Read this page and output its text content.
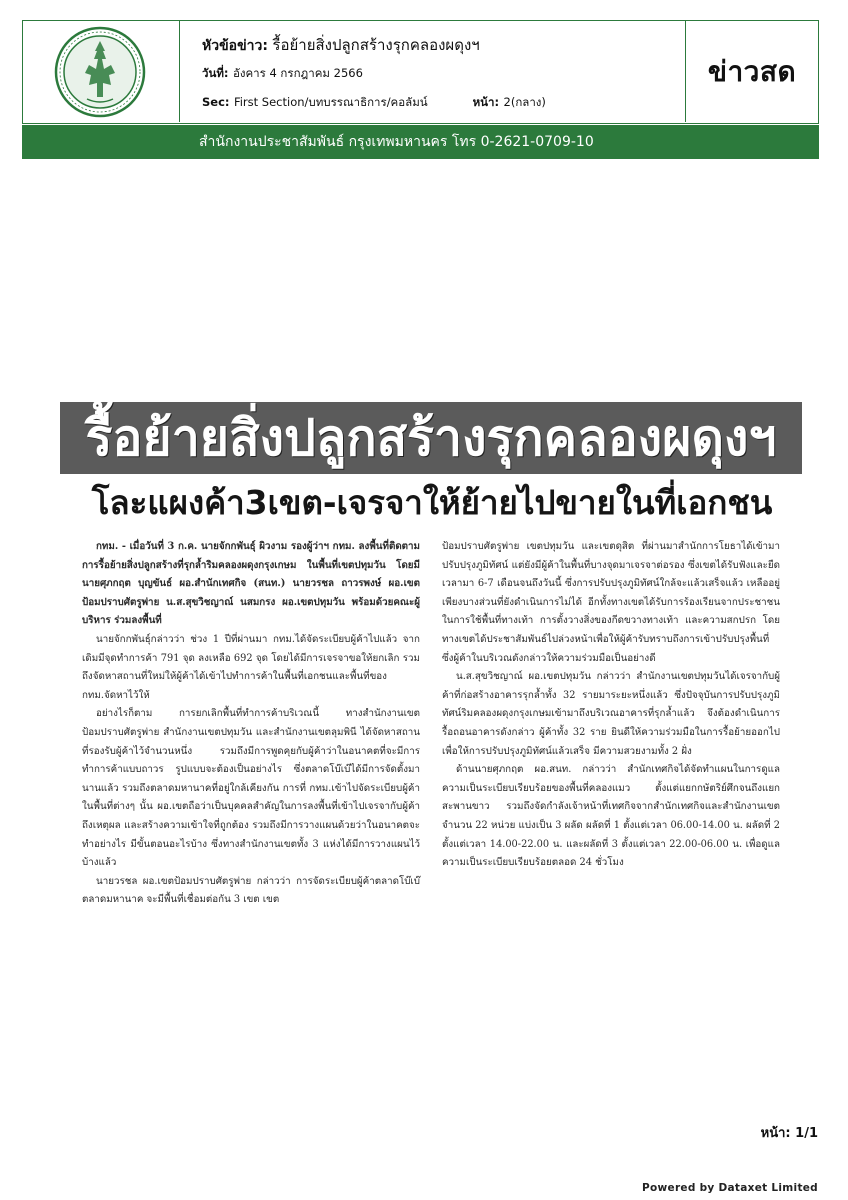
หัวข้อข่าว: รื้อย้ายสิ่งปลูกสร้างรุกคลองผดุงฯ
วันที่: อังคาร 4 กรกฎาคม 2566
Sec: First Section/บทบรรณาธิการ/คอลัมน์	หน้า: 2(กลาง)
ข่าวสด
สำนักงานประชาสัมพันธ์ กรุงเทพมหานคร โทร 0-2621-0709-10
รื้อย้ายสิ่งปลูกสร้างรุกคลองผดุงฯ
โละแผงค้า3เขต-เจรจาให้ย้ายไปขายในที่เอกชน

กทม. - เมื่อวันที่ 3 ก.ค. นายจักกพันธุ์ ผิวงาม รองผู้ว่าฯ กทม. ลงพื้นที่ติดตามการรื้อย้ายสิ่งปลูกสร้างที่รุกล้ำริมคลองผดุงกรุงเกษม ในพื้นที่เขตปทุมวัน โดยมี นายศุภกฤต บุญขันธ์ ผอ.สำนักเทศกิจ (สนท.) นายวรชล ถาวรพงษ์ ผอ.เขตป้อมปราบศัตรูพ่าย น.ส.สุขวิชญาณ์ นสมกรง ผอ.เขตปทุมวัน พร้อมด้วยคณะผู้บริหาร ร่วมลงพื้นที่

นายจักกพันธุ์กล่าวว่า ช่วง 1 ปีที่ผ่านมา กทม.ได้จัดระเบียบผู้ค้าไปแล้ว จากเดิมมีจุดทำการค้า 791 จุด ลงเหลือ 692 จุด โดยได้มีการเจรจาขอให้ยกเลิก รวมถึงจัดหาสถานที่ใหม่ให้ผู้ค้าได้เข้าไปทำการค้าในพื้นที่เอกชนและพื้นที่ของ กทม.จัดหาไว้ให้

อย่างไรก็ตาม การยกเลิกพื้นที่ทำการค้าบริเวณนี้ ทางสำนักงานเขตป้อมปราบศัตรูพ่าย สำนักงานเขตปทุมวัน และสำนักงานเขตลุมพินี ได้จัดหาสถานที่รองรับผู้ค้าไว้จำนวนหนึ่ง รวมถึงมีการพูดคุยกับผู้ค้าว่าในอนาคตที่จะมีการทำการค้าแบบถาวร รูปแบบจะต้องเป็นอย่างไร ซึ่งตลาดโบ๊เบ๊ได้มีการจัดตั้งมานานแล้ว รวมถึงตลาดมหานาคที่อยู่ใกล้เคียงกัน การที่ กทม.เข้าไปจัดระเบียบผู้ค้าในพื้นที่ต่างๆ นั้น ผอ.เขตถือว่าเป็นบุคคลสำคัญในการลงพื้นที่เข้าไปเจรจากับผู้ค้าถึงเหตุผล และสร้างความเข้าใจที่ถูกต้อง รวมถึงมีการวางแผนด้วยว่าในอนาคตจะทำอย่างไร มีขั้นตอนอะไรบ้าง ซึ่งทางสำนักงานเขตทั้ง 3 แห่งได้มีการวางแผนไว้บ้างแล้ว

นายวรชล ผอ.เขตป้อมปราบศัตรูพ่าย กล่าวว่า การจัดระเบียบผู้ค้าตลาดโบ๊เบ๊ ตลาดมหานาค จะมีพื้นที่เชื่อมต่อกัน 3 เขต เขต

ป้อมปราบศัตรูพ่าย เขตปทุมวัน และเขตดุสิต ที่ผ่านมาสำนักการโยธาได้เข้ามาปรับปรุงภูมิทัศน์ แต่ยังมีผู้ค้าในพื้นที่บางจุดมาเจรจาต่อรอง ซึ่งเขตได้รับฟังและยืดเวลามา 6-7 เดือนจนถึงวันนี้ ซึ่งการปรับปรุงภูมิทัศน์ใกล้จะแล้วเสร็จแล้ว เหลืออยู่เพียงบางส่วนที่ยังดำเนินการไม่ได้ อีกทั้งทางเขตได้รับการร้องเรียนจากประชาชนในการใช้พื้นที่ทางเท้า การตั้งวางสิ่งของกีดขวางทางเท้า และความสกปรก โดยทางเขตได้ประชาสัมพันธ์ไปล่วงหน้าเพื่อให้ผู้ค้ารับทราบถึงการเข้าปรับปรุงพื้นที่ ซึ่งผู้ค้าในบริเวณดังกล่าวให้ความร่วมมือเป็นอย่างดี

น.ส.สุขวิชญาณ์ ผอ.เขตปทุมวัน กล่าวว่า สำนักงานเขตปทุมวันได้เจรจากับผู้ค้าที่ก่อสร้างอาคารรุกล้ำทั้ง 32 รายมาระยะหนึ่งแล้ว ซึ่งปัจจุบันการปรับปรุงภูมิทัศน์ริมคลองผดุงกรุงเกษมเข้ามาถึงบริเวณอาคารที่รุกล้ำแล้ว จึงต้องดำเนินการรื้อถอนอาคารดังกล่าว ผู้ค้าทั้ง 32 ราย ยินดีให้ความร่วมมือในการรื้อย้ายออกไป เพื่อให้การปรับปรุงภูมิทัศน์แล้วเสร็จ มีความสวยงามทั้ง 2 ฝั่ง

ด้านนายศุภกฤต ผอ.สนท. กล่าวว่า สำนักเทศกิจได้จัดทำแผนในการดูแลความเป็นระเบียบเรียบร้อยของพื้นที่คลองแมว ตั้งแต่แยกกษัตริย์ศึกจนถึงแยกสะพานขาว รวมถึงจัดกำลังเจ้าหน้าที่เทศกิจจากสำนักเทศกิจและสำนักงานเขต จำนวน 22 หน่วย แบ่งเป็น 3 ผลัด ผลัดที่ 1 ตั้งแต่เวลา 06.00-14.00 น. ผลัดที่ 2 ตั้งแต่เวลา 14.00-22.00 น. และผลัดที่ 3 ตั้งแต่เวลา 22.00-06.00 น. เพื่อดูแลความเป็นระเบียบเรียบร้อยตลอด 24 ชั่วโมง

หน้า: 1/1
Powered by Dataxet Limited
